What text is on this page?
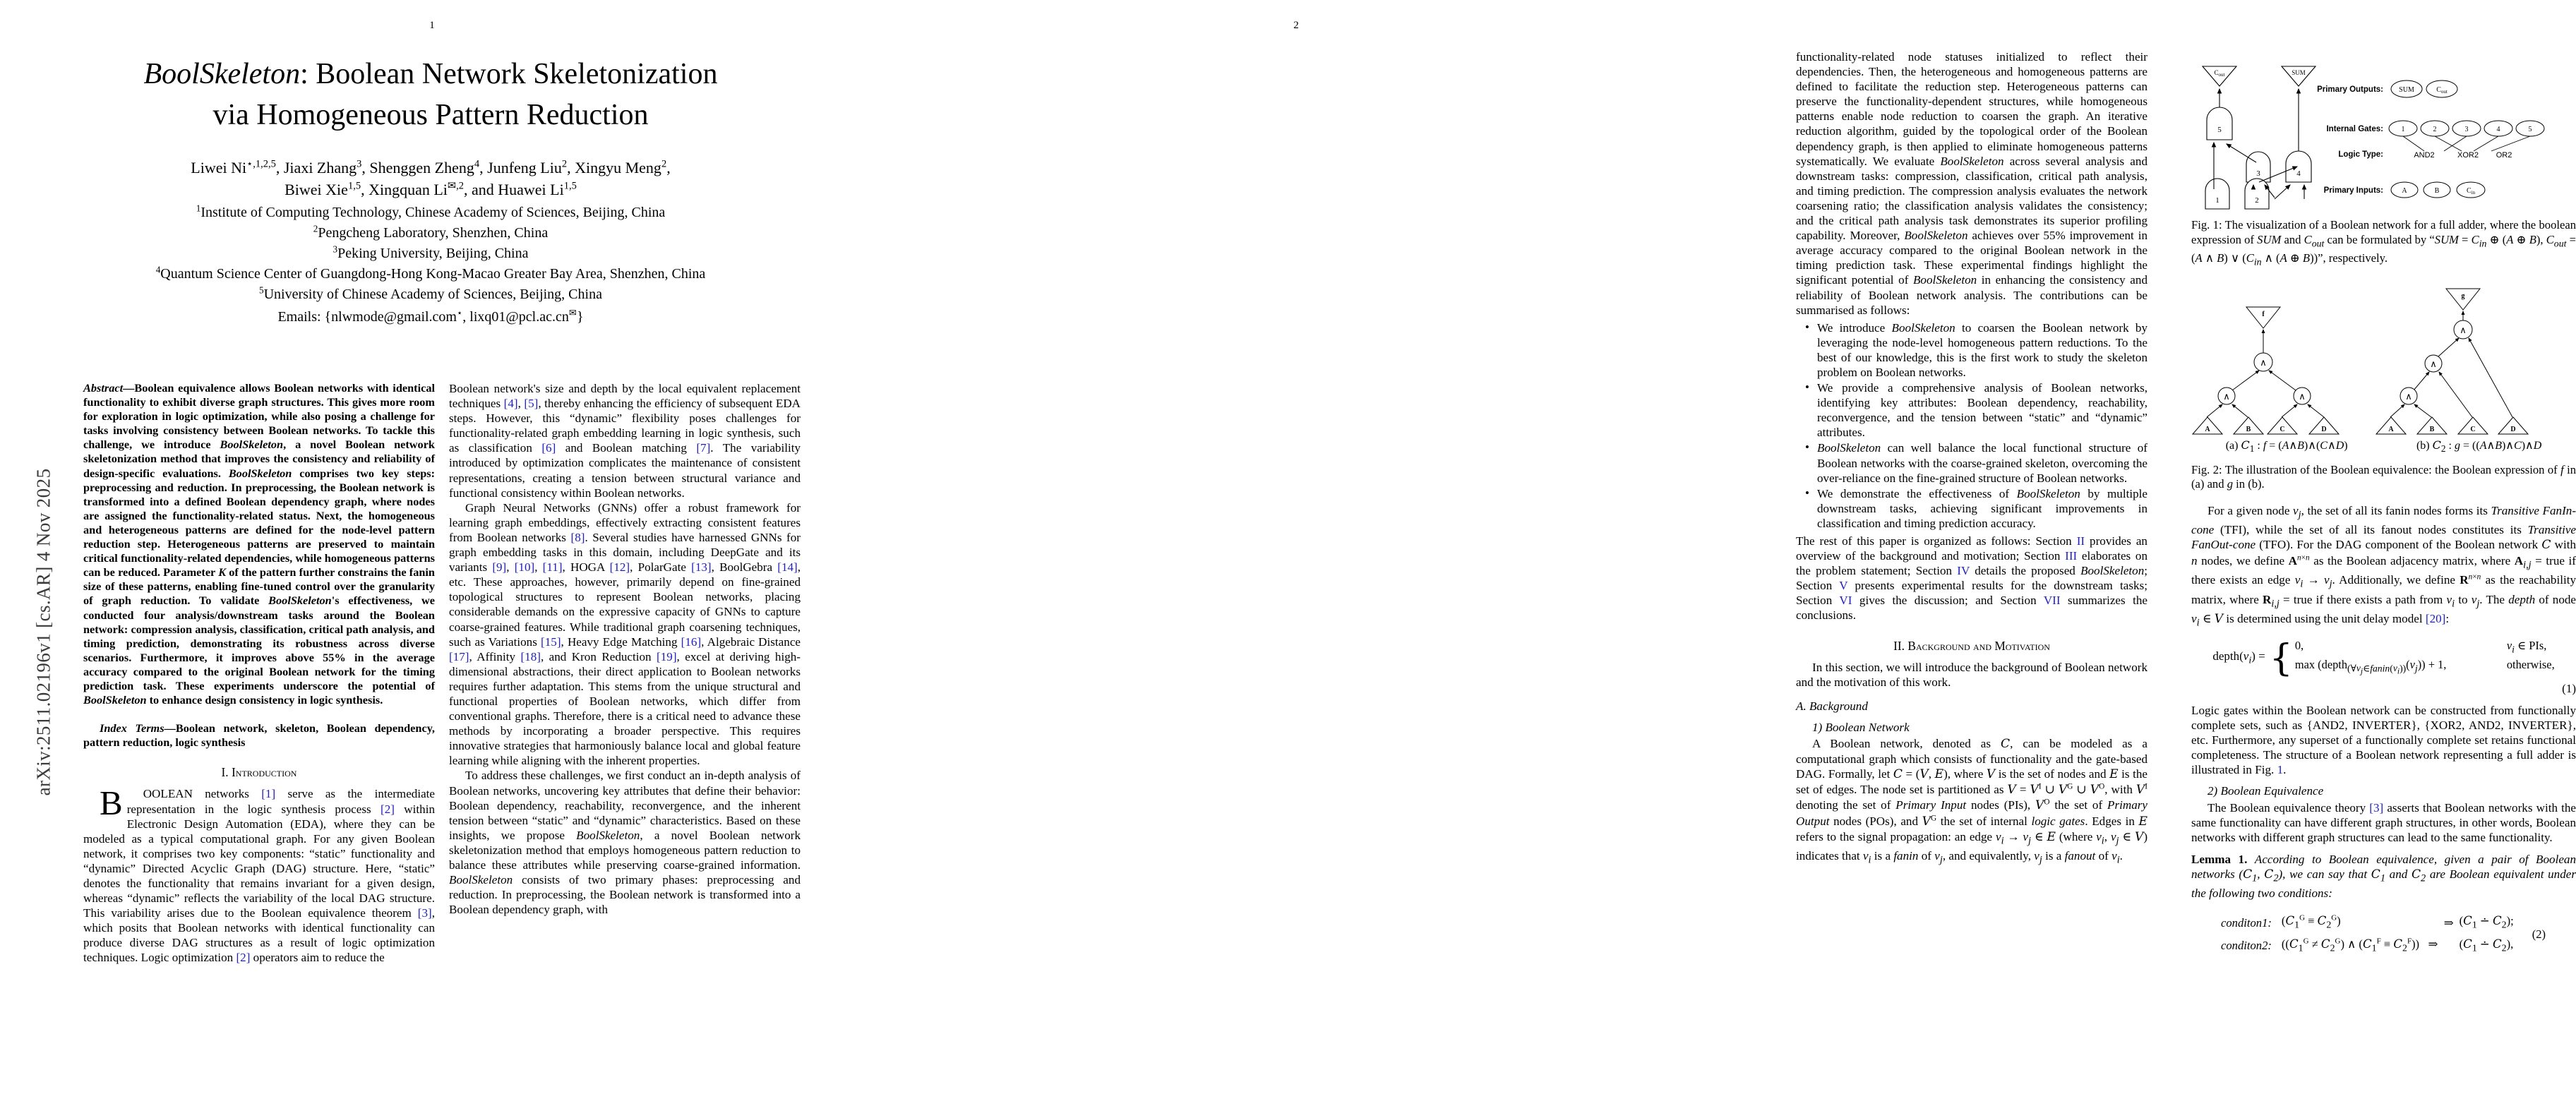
1
arXiv:2511.02196v1 [cs.AR] 4 Nov 2025
BoolSkeleton: Boolean Network Skeletonization
via Homogeneous Pattern Reduction
Liwei $Ni^{⋆,1,2,5}$, Jiaxi Zhang$^3$, Shenggen Zheng$^4$, Junfeng Liu$^2$, Xingyu Meng$^2$,
Biwei Xie$^{1,5}$, Xingquan $Li^{✉,2}$, and Huawei Li$^{1,5}$
$^1$Institute of Computing Technology, Chinese Academy of Sciences, Beijing, China
$^2$Pengcheng Laboratory, Shenzhen, China
$^3$Peking University, Beijing, China
$^4$Quantum Science Center of Guangdong-Hong Kong-Macao Greater Bay Area, Shenzhen, China
$^5$University of Chinese Academy of Sciences, Beijing, China
Emails: {nlwmode@gmail.com⋆, lixq01@pcl.ac.cn✉}
Abstract—Boolean equivalence allows Boolean networks with identical functionality to exhibit diverse graph structures. This gives more room for exploration in logic optimization, while also posing a challenge for tasks involving consistency between Boolean networks. To tackle this challenge, we introduce BoolSkeleton, a novel Boolean network skeletonization method that improves the consistency and reliability of design-specific evaluations. BoolSkeleton comprises two key steps: preprocessing and reduction. In preprocessing, the Boolean network is transformed into a defined Boolean dependency graph, where nodes are assigned the functionality-related status. Next, the homogeneous and heterogeneous patterns are defined for the node-level pattern reduction step. Heterogeneous patterns are preserved to maintain critical functionality-related dependencies, while homogeneous patterns can be reduced. Parameter K of the pattern further constrains the fanin size of these patterns, enabling fine-tuned control over the granularity of graph reduction. To validate BoolSkeleton's effectiveness, we conducted four analysis/downstream tasks around the Boolean network: compression analysis, classification, critical path analysis, and timing prediction, demonstrating its robustness across diverse scenarios. Furthermore, it improves above 55% in the average accuracy compared to the original Boolean network for the timing prediction task. These experiments underscore the potential of BoolSkeleton to enhance design consistency in logic synthesis.
Index Terms—Boolean network, skeleton, Boolean dependency, pattern reduction, logic synthesis
I. Introduction

B	OOLEAN networks [1] serve as the intermediate representation in the logic synthesis process [2] within Electronic Design Automation (EDA), where they can be modeled as a typical computational graph. For any given Boolean network, it comprises two key components: “static” functionality and “dynamic” Directed Acyclic Graph (DAG) structure. Here, “static” denotes the functionality that remains invariant for a given design, whereas “dynamic” reflects the variability of the local DAG structure. This variability arises due to the Boolean equivalence theorem [3], which posits that Boolean networks with identical functionality can produce diverse DAG structures as a result of logic optimization techniques. Logic optimization [2] operators aim to reduce the

Boolean network's size and depth by the local equivalent replacement techniques [4], [5], thereby enhancing the efficiency of subsequent EDA steps. However, this “dynamic” flexibility poses challenges for functionality-related graph embedding learning in logic synthesis, such as classification [6] and Boolean matching [7]. The variability introduced by optimization complicates the maintenance of consistent representations, creating a tension between structural variance and functional consistency within Boolean networks.

Graph Neural Networks (GNNs) offer a robust framework for learning graph embeddings, effectively extracting consistent features from Boolean networks [8]. Several studies have harnessed GNNs for graph embedding tasks in this domain, including DeepGate and its variants [9], [10], [11], HOGA [12], PolarGate [13], BoolGebra [14], etc. These approaches, however, primarily depend on fine-grained topological structures to represent Boolean networks, placing considerable demands on the expressive capacity of GNNs to capture coarse-grained features. While traditional graph coarsening techniques, such as Variations [15], Heavy Edge Matching [16], Algebraic Distance [17], Affinity [18], and Kron Reduction [19], excel at deriving high-dimensional abstractions, their direct application to Boolean networks requires further adaptation. This stems from the unique structural and functional properties of Boolean networks, which differ from conventional graphs. Therefore, there is a critical need to advance these methods by incorporating a broader perspective. This requires innovative strategies that harmoniously balance local and global feature learning while aligning with the inherent properties.

To address these challenges, we first conduct an in-depth analysis of Boolean networks, uncovering key attributes that define their behavior: Boolean dependency, reachability, reconvergence, and the inherent tension between “static” and “dynamic” characteristics. Based on these insights, we propose BoolSkeleton, a novel Boolean network skeletonization method that employs homogeneous pattern reduction to balance these attributes while preserving coarse-grained information. BoolSkeleton consists of two primary phases: preprocessing and reduction. In preprocessing, the Boolean network is transformed into a Boolean dependency graph, with

2

functionality-related node statuses initialized to reflect their dependencies. Then, the heterogeneous and homogeneous patterns are defined to facilitate the reduction step. Heterogeneous patterns can preserve the functionality-dependent structures, while homogeneous patterns enable node reduction to coarsen the graph. An iterative reduction algorithm, guided by the topological order of the Boolean dependency graph, is then applied to eliminate homogeneous patterns systematically. We evaluate BoolSkeleton across several analysis and downstream tasks: compression, classification, critical path analysis, and timing prediction. The compression analysis evaluates the network coarsening ratio; the classification analysis validates the consistency; and the critical path analysis task demonstrates its superior profiling capability. Moreover, BoolSkeleton achieves over 55% improvement in average accuracy compared to the original Boolean network in the timing prediction task. These experimental findings highlight the significant potential of BoolSkeleton in enhancing the consistency and reliability of Boolean network analysis. The contributions can be summarised as follows:

• We introduce BoolSkeleton to coarsen the Boolean network by leveraging the node-level homogeneous pattern reductions. To the best of our knowledge, this is the first work to study the skeleton problem on Boolean networks.
• We provide a comprehensive analysis of Boolean networks, identifying key attributes: Boolean dependency, reachability, reconvergence, and the tension between “static” and “dynamic” attributes.
• BoolSkeleton can well balance the local functional structure of Boolean networks with the coarse-grained skeleton, overcoming the over-reliance on the fine-grained structure of Boolean networks.
• We demonstrate the effectiveness of BoolSkeleton by multiple downstream tasks, achieving significant improvements in classification and timing prediction accuracy.

The rest of this paper is organized as follows: Section II provides an overview of the background and motivation; Section III elaborates on the problem statement; Section IV details the proposed BoolSkeleton; Section V presents experimental results for the downstream tasks; Section VI gives the discussion; and Section VII summarizes the conclusions.

II. Background and Motivation

In this section, we will introduce the background of Boolean network and the motivation of this work.

A. Background
1) Boolean Network

A Boolean network, denoted as C, can be modeled as a computational graph which consists of functionality and the gate-based DAG. Formally, let C = (V, E), where V is the set of nodes and E is the set of edges. The node set is partitioned as $V = V^I$ ∪ $V^G$ ∪ $V^O$, with $V^I$ denoting the set of Primary Input nodes (PIs), $V^O$ the set of Primary Output nodes (POs), and $V^G$ the set of internal logic gates. Edges in E refers to the signal propagation: an edge $v_i \to v_j$ ∈ E (where $v_i$, $v_j$ ∈ V) indicates that $v_i$ is a fanin of $v_j$, and equivalently, $v_j$ is a fanout of $v_i$.

$C_{out}$	SUM
5
3	4
1	2
Primary Outputs: SUM	$C_{out}$
Internal Gates:	1	2	3	4	5
Logic Type:	AND2	XOR2 OR2
Primary Inputs:	A	B	$C_{in}$
Fig. 1: The visualization of a Boolean network for a full adder, where the boolean expression of SUM and $C_{out}$ can be formulated by “SUM = $C_{in}$ ⊕ (A ⊕ B), $C_{out} = (A$ ∧ B) ∨ ($C_{in}$ ∧ (A ⊕ B))”, respectively.
f
A	B	C	D
∧
∧	∧
g
A	B	C	D
∧
∧
∧
(a) $C_1$ : f = (A∧B)∧(C∧D)	(b) $C_2$ : g = ((A∧B)∧C)∧D
Fig. 2: The illustration of the Boolean equivalence: the Boolean expression of f in (a) and g in (b).

For a given node $v_j$, the set of all its fanin nodes forms its Transitive FanIn-cone (TFI), while the set of all its fanout nodes constitutes its Transitive FanOut-cone (TFO). For the DAG component of the Boolean network C with n nodes, we define $A^{n\times n}$ as the Boolean adjacency matrix, where $A_{i,j}$ = true if there exists an edge $v_i \to v_j$. Additionally, we define $R^{n\times n}$ as the reachability matrix, where $R_{i,j}$ = true if there exists a path from $v_i$ to $v_j$. The depth of node $v_i$ ∈ V is determined using the unit delay model [20]:

$depth(v_i)$ = { 0,	$v_i$ ∈ PIs,
$\max (depth_{(\forall v_j\in fanin(v_i))}(v_j)) + 1$,	otherwise,
(1)

Logic gates within the Boolean network can be constructed from functionally complete sets, such as {AND2, INVERTER}, {XOR2, AND2, INVERTER}, etc. Furthermore, any superset of a functionally complete set retains functional completeness. The structure of a Boolean network representing a full adder is illustrated in Fig. 1.

2) Boolean Equivalence

The Boolean equivalence theory [3] asserts that Boolean networks with the same functionality can have different graph structures, in other words, Boolean networks with different graph structures can lead to the same functionality.

Lemma 1. According to Boolean equivalence, given a pair of Boolean networks ($C_1$, $C_2$), we can say that $C_1$ and $C_2$ are Boolean equivalent under the following two conditions:

conditon1:	$(C_1^G \equiv C_2^G)$		⇒	($C_1$ ∸ $C_2$);	(2)
conditon2:	($(C_1^G \ne C_2^G)$ ∧ $(C_1^F \equiv C_2^F)$)   ⇒			($C_1$ ∸ $C_2$),	
